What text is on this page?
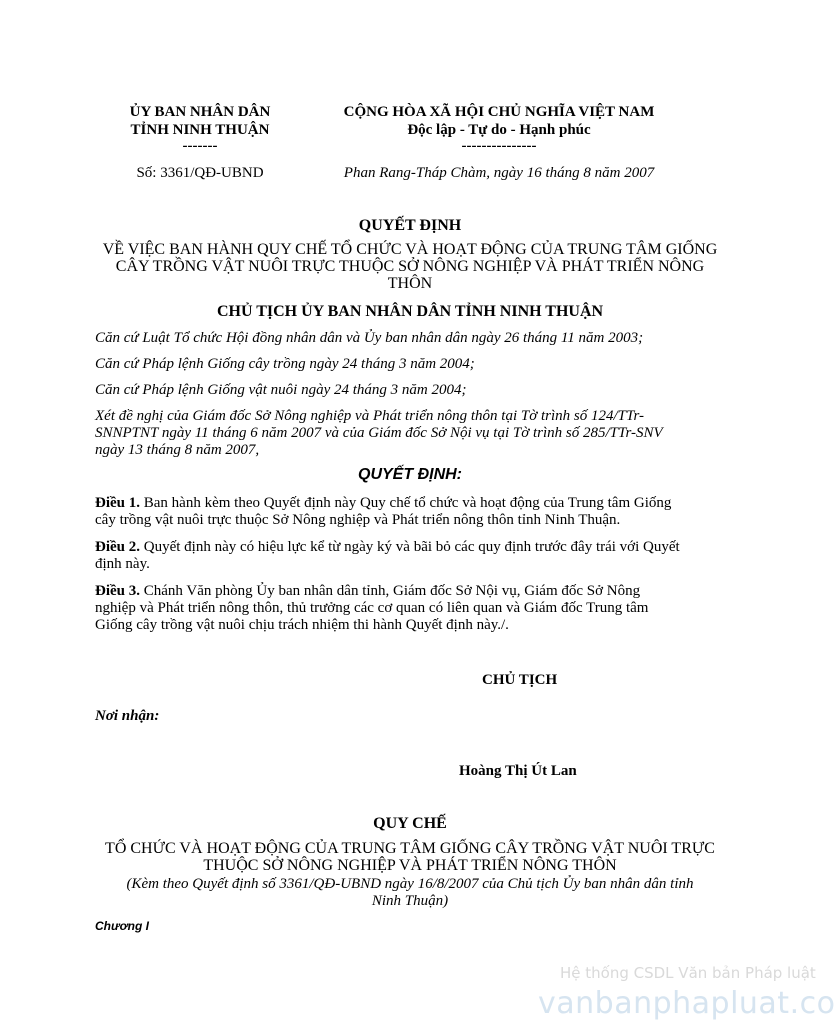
ỦY BAN NHÂN DÂN
TỈNH NINH THUẬN
-------
CỘNG HÒA XÃ HỘI CHỦ NGHĨA VIỆT NAM
Độc lập - Tự do - Hạnh phúc
---------------
Số: 3361/QĐ-UBND	Phan Rang-Tháp Chàm, ngày 16 tháng 8 năm 2007
QUYẾT ĐỊNH
VỀ VIỆC BAN HÀNH QUY CHẾ TỔ CHỨC VÀ HOẠT ĐỘNG CỦA TRUNG TÂM GIỐNG
CÂY TRỒNG VẬT NUÔI TRỰC THUỘC SỞ NÔNG NGHIỆP VÀ PHÁT TRIỂN NÔNG
THÔN
CHỦ TỊCH ỦY BAN NHÂN DÂN TỈNH NINH THUẬN
Căn cứ Luật Tổ chức Hội đồng nhân dân và Ủy ban nhân dân ngày 26 tháng 11 năm 2003;
Căn cứ Pháp lệnh Giống cây trồng ngày 24 tháng 3 năm 2004;
Căn cứ Pháp lệnh Giống vật nuôi ngày 24 tháng 3 năm 2004;
Xét đề nghị của Giám đốc Sở Nông nghiệp và Phát triển nông thôn tại Tờ trình số 124/TTr-
SNNPTNT ngày 11 tháng 6 năm 2007 và của Giám đốc Sở Nội vụ tại Tờ trình số 285/TTr-SNV
ngày 13 tháng 8 năm 2007,
QUYẾT ĐỊNH:
Điều 1. Ban hành kèm theo Quyết định này Quy chế tổ chức và hoạt động của Trung tâm Giống
cây trồng vật nuôi trực thuộc Sở Nông nghiệp và Phát triển nông thôn tỉnh Ninh Thuận.
Điều 2. Quyết định này có hiệu lực kể từ ngày ký và bãi bỏ các quy định trước đây trái với Quyết
định này.
Điều 3. Chánh Văn phòng Ủy ban nhân dân tỉnh, Giám đốc Sở Nội vụ, Giám đốc Sở Nông
nghiệp và Phát triển nông thôn, thủ trưởng các cơ quan có liên quan và Giám đốc Trung tâm
Giống cây trồng vật nuôi chịu trách nhiệm thi hành Quyết định này./.
CHỦ TỊCH
Nơi nhận:
Hoàng Thị Út Lan
QUY CHẾ
TỔ CHỨC VÀ HOẠT ĐỘNG CỦA TRUNG TÂM GIỐNG CÂY TRỒNG VẬT NUÔI TRỰC
THUỘC SỞ NÔNG NGHIỆP VÀ PHÁT TRIỂN NÔNG THÔN
(Kèm theo Quyết định số 3361/QĐ-UBND ngày 16/8/2007 của Chủ tịch Ủy ban nhân dân tỉnh
Ninh Thuận)
Chương I
Hệ thống CSDL Văn bản Pháp luật
vanbanphapluat.co
